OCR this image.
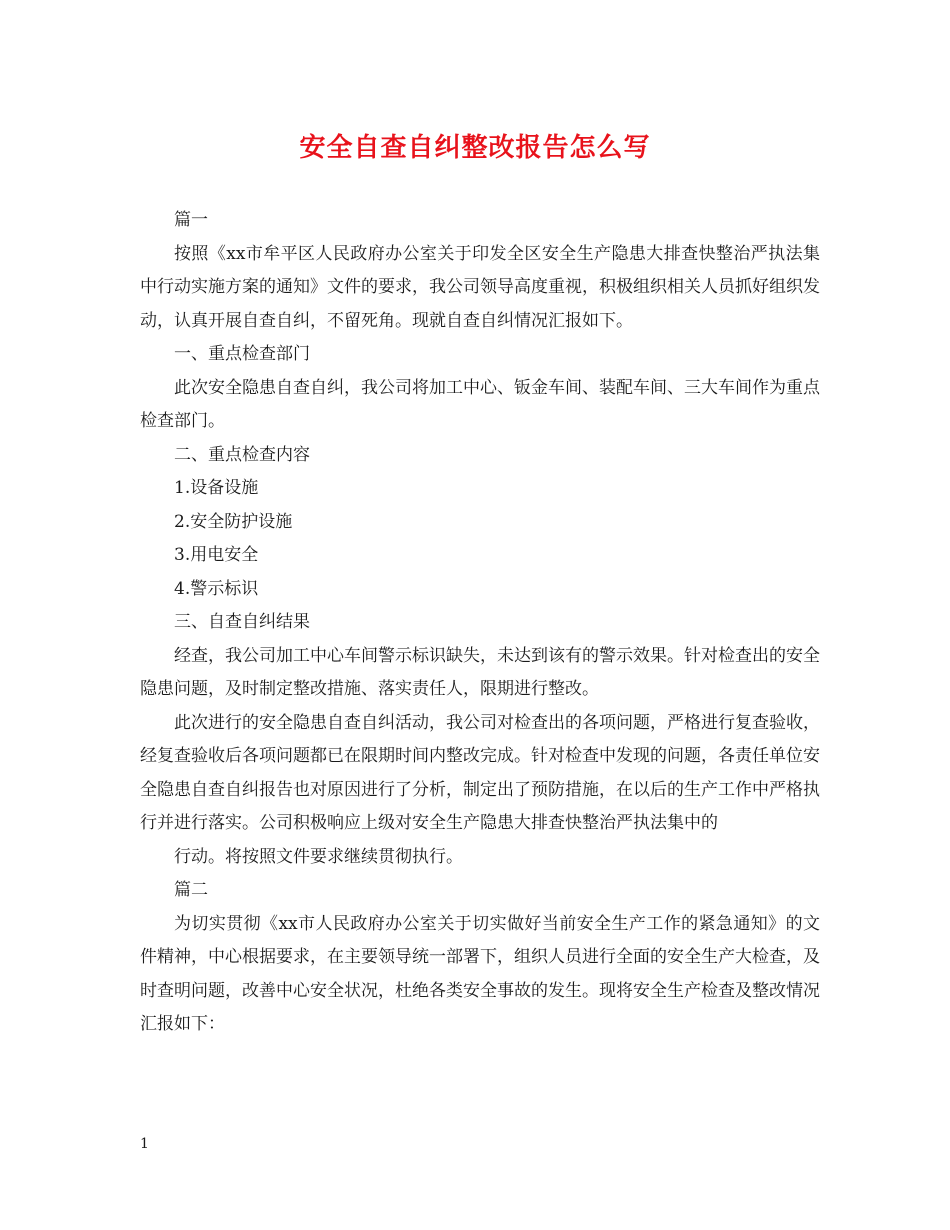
安全自查自纠整改报告怎么写

篇一

按照《xx市牟平区人民政府办公室关于印发全区安全生产隐患大排查快整治严执法集中行动实施方案的通知》文件的要求，我公司领导高度重视，积极组织相关人员抓好组织发动，认真开展自查自纠，不留死角。现就自查自纠情况汇报如下。

一、重点检查部门

此次安全隐患自查自纠，我公司将加工中心、钣金车间、装配车间、三大车间作为重点检查部门。

二、重点检查内容

1.设备设施

2.安全防护设施

3.用电安全

4.警示标识

三、自查自纠结果

经查，我公司加工中心车间警示标识缺失，未达到该有的警示效果。针对检查出的安全隐患问题，及时制定整改措施、落实责任人，限期进行整改。

此次进行的安全隐患自查自纠活动，我公司对检查出的各项问题，严格进行复查验收，经复查验收后各项问题都已在限期时间内整改完成。针对检查中发现的问题，各责任单位安全隐患自查自纠报告也对原因进行了分析，制定出了预防措施，在以后的生产工作中严格执行并进行落实。公司积极响应上级对安全生产隐患大排查快整治严执法集中的

行动。将按照文件要求继续贯彻执行。

篇二

为切实贯彻《xx市人民政府办公室关于切实做好当前安全生产工作的紧急通知》的文件精神，中心根据要求，在主要领导统一部署下，组织人员进行全面的安全生产大检查，及时查明问题，改善中心安全状况，杜绝各类安全事故的发生。现将安全生产检查及整改情况汇报如下：

1
